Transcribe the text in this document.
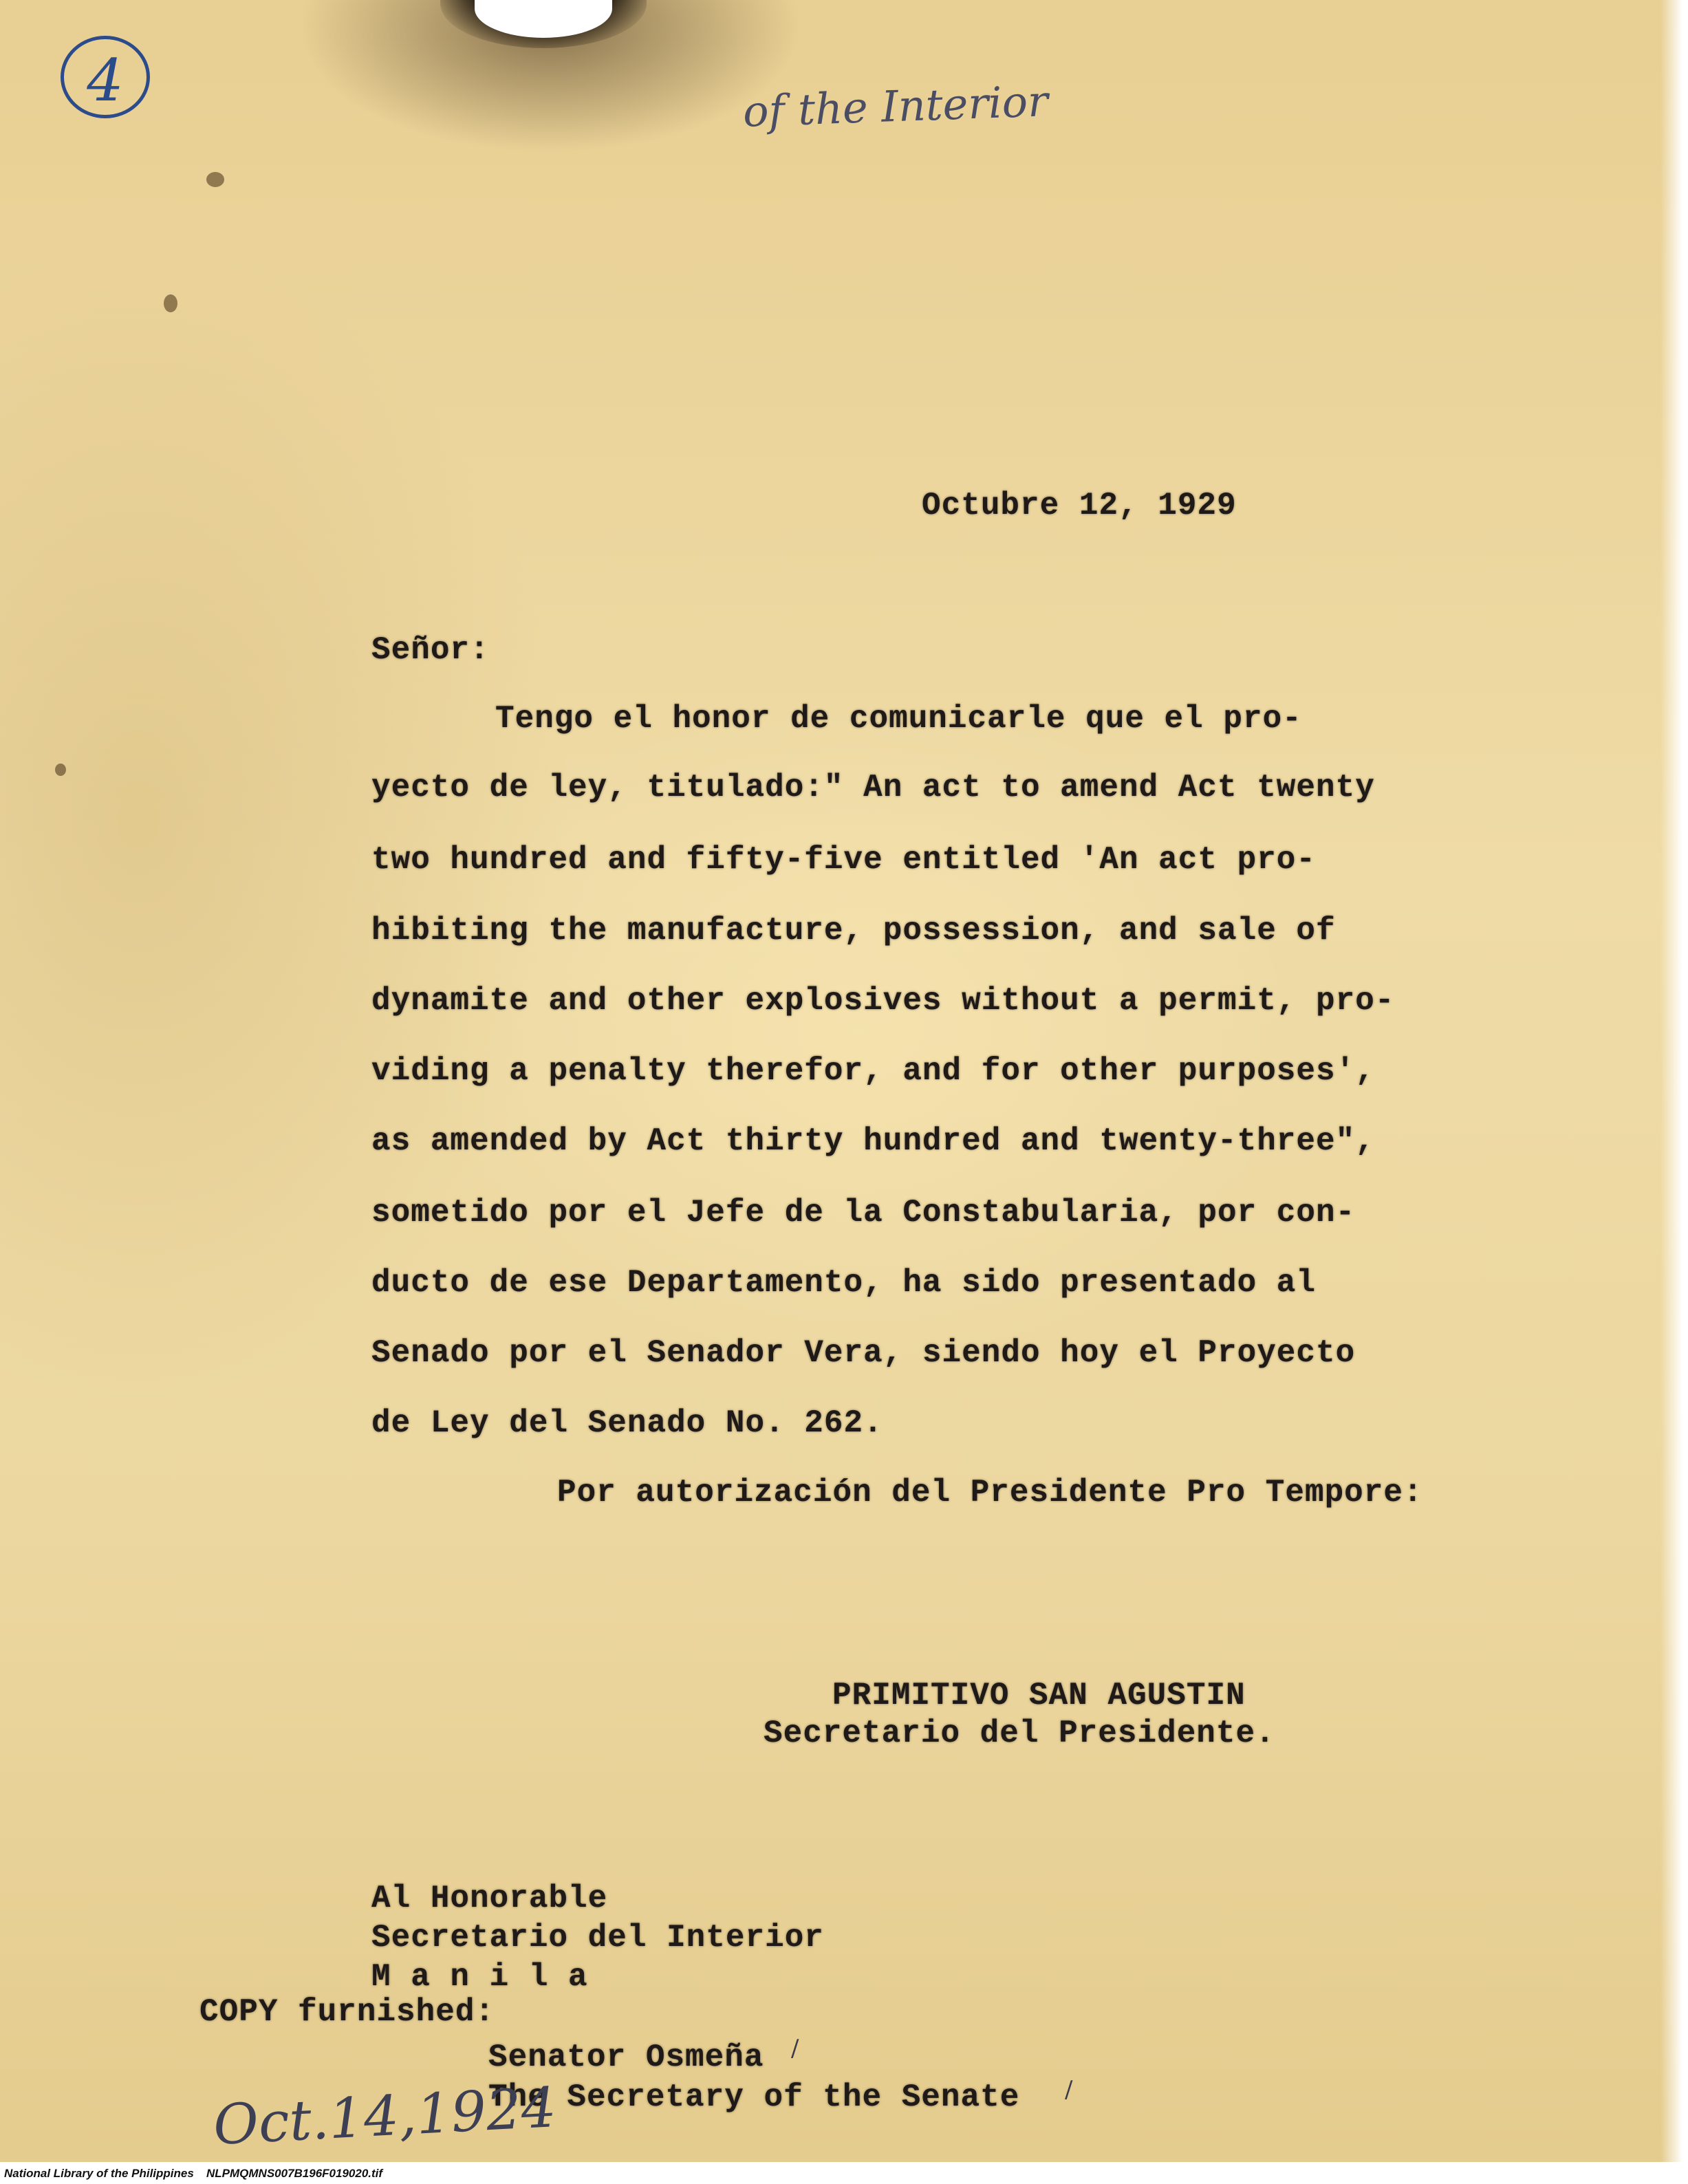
4	of the Interior
Octubre 12, 1929
Señor:
Tengo el honor de comunicarle que el pro-
yecto de ley, titulado:" An act to amend Act twenty
two hundred and fifty-five entitled 'An act pro-
hibiting the manufacture, possession, and sale of
dynamite and other explosives without a permit, pro-
viding a penalty therefor, and for other purposes',
as amended by Act thirty hundred and twenty-three",
sometido por el Jefe de la Constabularia, por con-
ducto de ese Departamento, ha sido presentado al
Senado por el Senador Vera, siendo hoy el Proyecto
de Ley del Senado No. 262.
Por autorización del Presidente Pro Tempore:
PRIMITIVO SAN AGUSTIN
Secretario del Presidente.
Al Honorable
Secretario del Interior
M a n i l a
COPY furnished:
Senator Osmeña /
The Secretary of the Senate /
Oct.14,1924
National Library of the Philippines NLPMQMNS007B196F019020.tif
